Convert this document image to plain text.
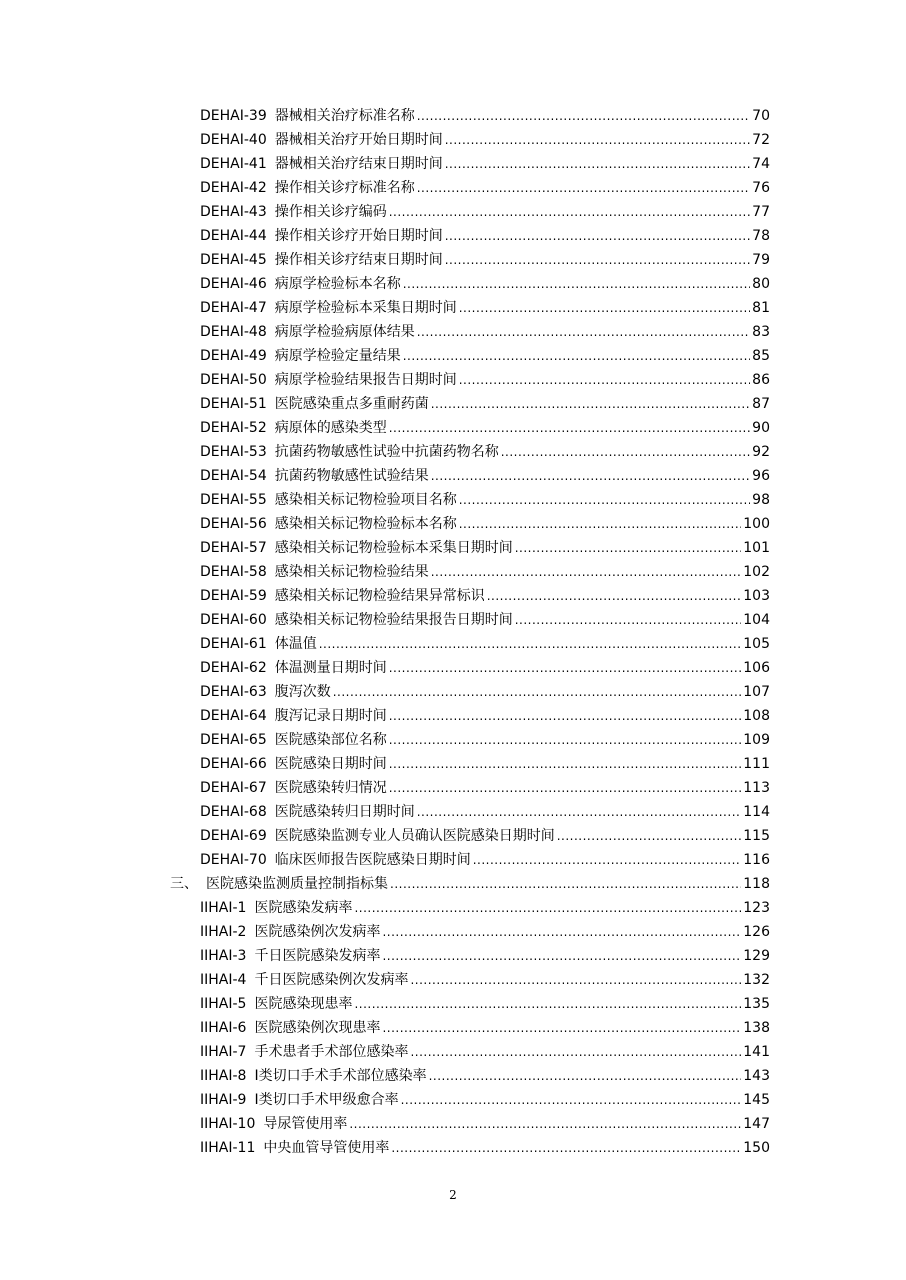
DEHAI-39 器械相关治疗标准名称 .....	70
DEHAI-40 器械相关治疗开始日期时间 .....	72
DEHAI-41 器械相关治疗结束日期时间 .....	74
DEHAI-42 操作相关诊疗标准名称 .....	76
DEHAI-43 操作相关诊疗编码 .....	77
DEHAI-44 操作相关诊疗开始日期时间 .....	78
DEHAI-45 操作相关诊疗结束日期时间 .....	79
DEHAI-46 病原学检验标本名称 .....	80
DEHAI-47 病原学检验标本采集日期时间 .....	81
DEHAI-48 病原学检验病原体结果 .....	83
DEHAI-49 病原学检验定量结果 .....	85
DEHAI-50 病原学检验结果报告日期时间 .....	86
DEHAI-51 医院感染重点多重耐药菌 .....	87
DEHAI-52 病原体的感染类型 .....	90
DEHAI-53 抗菌药物敏感性试验中抗菌药物名称 .....	92
DEHAI-54 抗菌药物敏感性试验结果 .....	96
DEHAI-55 感染相关标记物检验项目名称 .....	98
DEHAI-56 感染相关标记物检验标本名称 .....	100
DEHAI-57 感染相关标记物检验标本采集日期时间 .....	101
DEHAI-58 感染相关标记物检验结果 .....	102
DEHAI-59 感染相关标记物检验结果异常标识 .....	103
DEHAI-60 感染相关标记物检验结果报告日期时间 .....	104
DEHAI-61 体温值 .....	105
DEHAI-62 体温测量日期时间 .....	106
DEHAI-63 腹泻次数 .....	107
DEHAI-64 腹泻记录日期时间 .....	108
DEHAI-65 医院感染部位名称 .....	109
DEHAI-66 医院感染日期时间 .....	111
DEHAI-67 医院感染转归情况 .....	113
DEHAI-68 医院感染转归日期时间 .....	114
DEHAI-69 医院感染监测专业人员确认医院感染日期时间 .....	115
DEHAI-70 临床医师报告医院感染日期时间 .....	116
三、 医院感染监测质量控制指标集 .....	118
IIHAI-1 医院感染发病率 .....	123
IIHAI-2 医院感染例次发病率 .....	126
IIHAI-3 千日医院感染发病率 .....	129
IIHAI-4 千日医院感染例次发病率 .....	132
IIHAI-5 医院感染现患率 .....	135
IIHAI-6 医院感染例次现患率 .....	138
IIHAI-7 手术患者手术部位感染率 .....	141
IIHAI-8 Ⅰ类切口手术手术部位感染率 .....	143
IIHAI-9 Ⅰ类切口手术甲级愈合率 .....	145
IIHAI-10 导尿管使用率 .....	147
IIHAI-11 中央血管导管使用率 .....	150
2
